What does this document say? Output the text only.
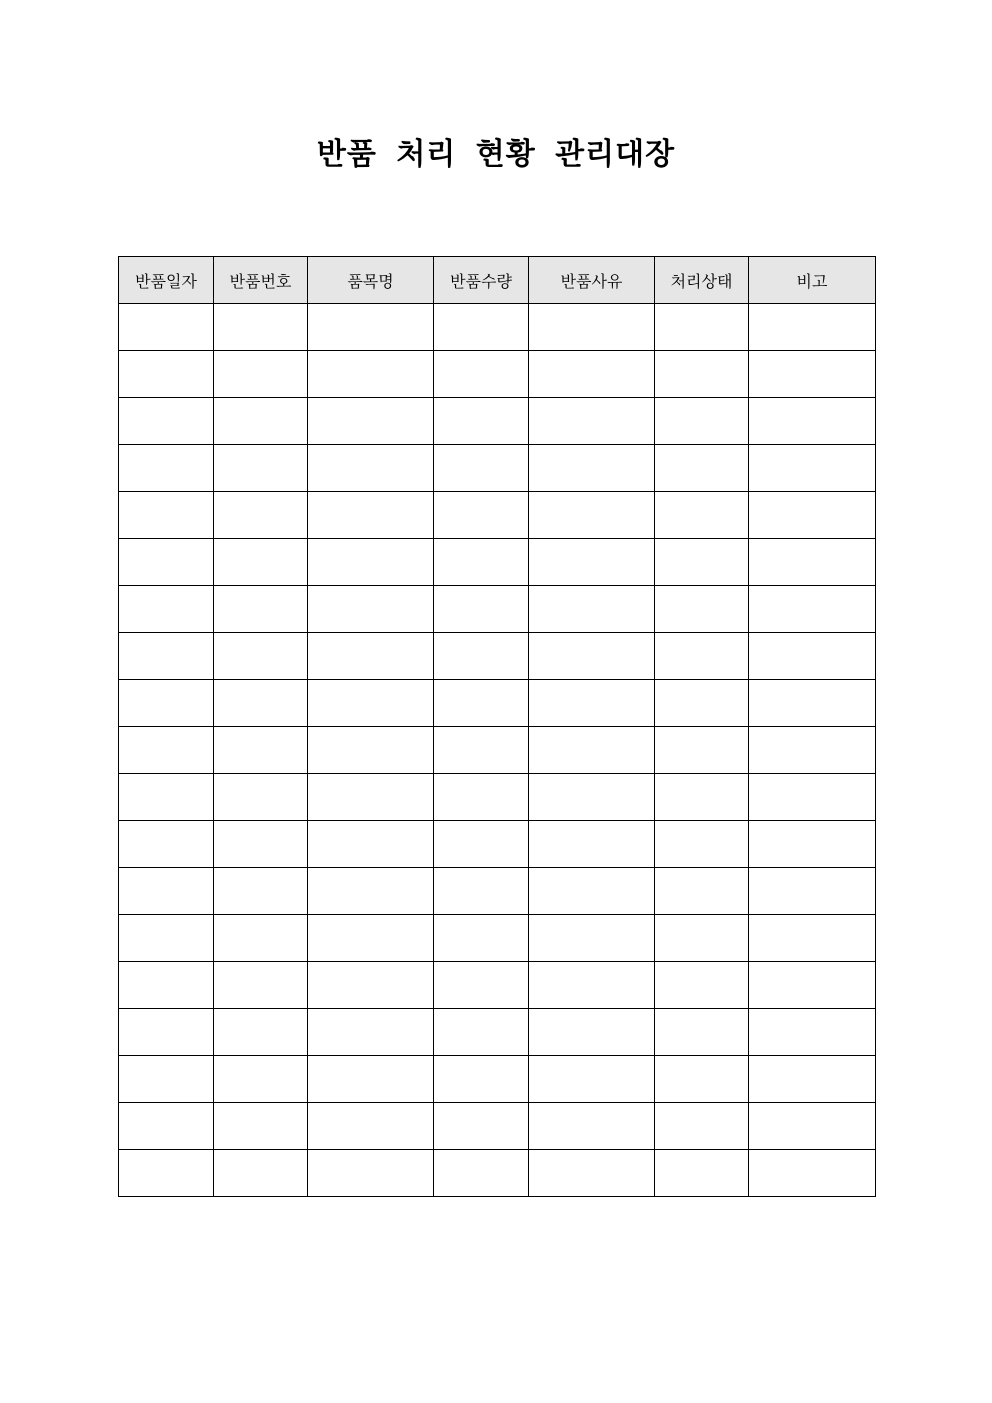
반품 처리 현황 관리대장
반품일자	반품번호	품목명	반품수량	반품사유	처리상태	비고
